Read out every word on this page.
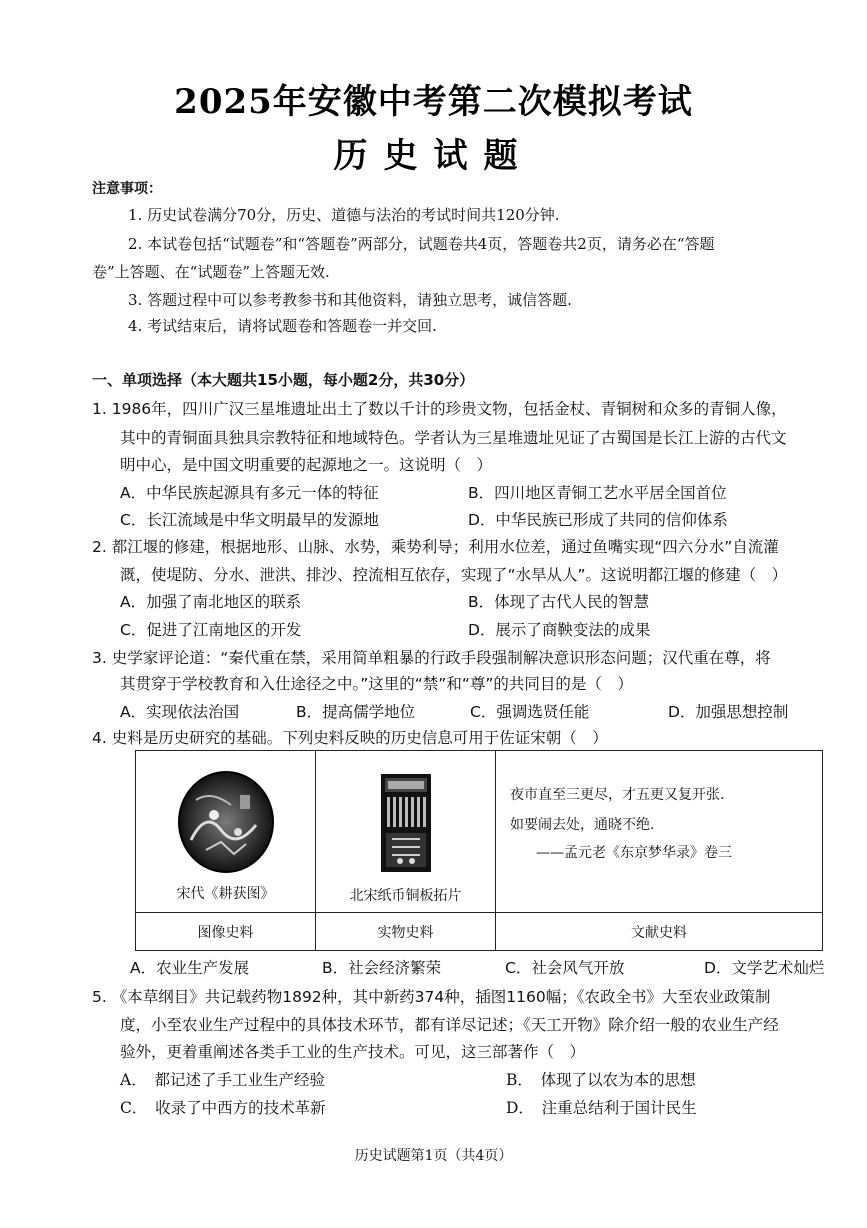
2025年安徽中考第二次模拟考试
历史试题
注意事项：
1. 历史试卷满分70分，历史、道德与法治的考试时间共120分钟.
2. 本试卷包括“试题卷”和“答题卷”两部分，试题卷共4页，答题卷共2页，请务必在“答题
卷”上答题、在“试题卷”上答题无效.
3. 答题过程中可以参考教参书和其他资料，请独立思考，诚信答题.
4. 考试结束后，请将试题卷和答题卷一并交回.
一、单项选择（本大题共15小题，每小题2分，共30分）
1. 1986年，四川广汉三星堆遗址出土了数以千计的珍贵文物，包括金杖、青铜树和众多的青铜人像，
其中的青铜面具独具宗教特征和地域特色。学者认为三星堆遗址见证了古蜀国是长江上游的古代文
明中心，是中国文明重要的起源地之一。这说明（　）
A．中华民族起源具有多元一体的特征	B．四川地区青铜工艺水平居全国首位
C．长江流域是中华文明最早的发源地	D．中华民族已形成了共同的信仰体系
2. 都江堰的修建，根据地形、山脉、水势，乘势利导；利用水位差，通过鱼嘴实现“四六分水”自流灌
溉，使堤防、分水、泄洪、排沙、控流相互依存，实现了“水旱从人”。这说明都江堰的修建（　）
A．加强了南北地区的联系	B．体现了古代人民的智慧
C．促进了江南地区的开发	D．展示了商鞅变法的成果
3. 史学家评论道：“秦代重在禁，采用简单粗暴的行政手段强制解决意识形态问题；汉代重在尊，将
其贯穿于学校教育和入仕途径之中。”这里的“禁”和“尊”的共同目的是（　）
A．实现依法治国	B．提高儒学地位	C．强调选贤任能	D．加强思想控制
4. 史料是历史研究的基础。下列史料反映的历史信息可用于佐证宋朝（　）
宋代《耕获图》	北宋纸币铜板拓片	夜市直至三更尽，才五更又复开张.
如要闹去处，通晓不绝.
——孟元老《东京梦华录》卷三

图像史料	实物史料	文献史料
A．农业生产发展	B．社会经济繁荣	C．社会风气开放	D．文学艺术灿烂
5. 《本草纲目》共记载药物1892种，其中新药374种，插图1160幅；《农政全书》大至农业政策制
度，小至农业生产过程中的具体技术环节，都有详尽记述；《天工开物》除介绍一般的农业生产经
验外，更着重阐述各类手工业的生产技术。可见，这三部著作（　）
A．　都记述了手工业生产经验	B．　体现了以农为本的思想
C．　收录了中西方的技术革新	D．　注重总结利于国计民生
历史试题第1页（共4页）
